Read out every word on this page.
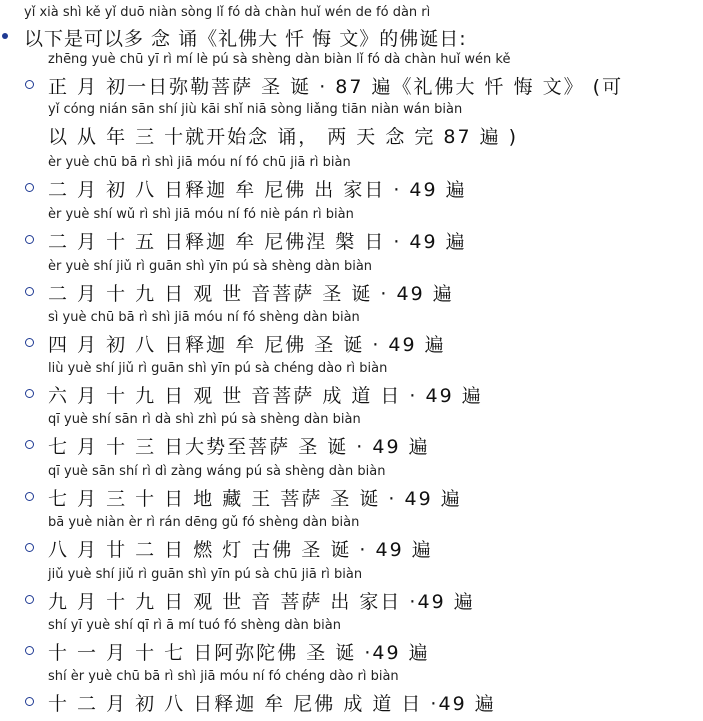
yǐ xià shì kě yǐ duō niàn sòng lǐ fó dà chàn huǐ wén de fó dàn rì
以下是可以多 念 诵《礼佛大 忏 悔 文》的佛诞日:
zhēng yuè chū yī rì mí lè pú sà shèng dàn biàn lǐ fó dà chàn huǐ wén kě
正 月 初一日弥勒菩萨 圣 诞 · 87 遍《礼佛大 忏 悔 文》 (可
yǐ cóng nián sān shí jiù kāi shǐ niā sòng liǎng tiān niàn wán biàn
以 从 年 三 十就开始念 诵， 两 天 念 完 87 遍 )
èr yuè chū bā rì shì jiā móu ní fó chū jiā rì biàn
二 月 初 八 日释迦 牟 尼佛 出 家日 · 49 遍
èr yuè shí wǔ rì shì jiā móu ní fó niè pán rì biàn
二 月 十 五 日释迦 牟 尼佛涅 槃 日 · 49 遍
èr yuè shí jiǔ rì guān shì yīn pú sà shèng dàn biàn
二 月 十 九 日 观 世 音菩萨 圣 诞 · 49 遍
sì yuè chū bā rì shì jiā móu ní fó shèng dàn biàn
四 月 初 八 日释迦 牟 尼佛 圣 诞 · 49 遍
liù yuè shí jiǔ rì guān shì yīn pú sà chéng dào rì biàn
六 月 十 九 日 观 世 音菩萨 成 道 日 · 49 遍
qī yuè shí sān rì dà shì zhì pú sà shèng dàn biàn
七 月 十 三 日大势至菩萨 圣 诞 · 49 遍
qī yuè sān shí rì dì zàng wáng pú sà shèng dàn biàn
七 月 三 十 日 地 藏 王 菩萨 圣 诞 · 49 遍
bā yuè niàn èr rì rán dēng gǔ fó shèng dàn biàn
八 月 廿 二 日 燃 灯 古佛 圣 诞 · 49 遍
jiǔ yuè shí jiǔ rì guān shì yīn pú sà chū jiā rì biàn
九 月 十 九 日 观 世 音 菩萨 出 家日 ·49 遍
shí yī yuè shí qī rì ā mí tuó fó shèng dàn biàn
十 一 月 十 七 日阿弥陀佛 圣 诞 ·49 遍
shí èr yuè chū bā rì shì jiā móu ní fó chéng dào rì biàn
十 二 月 初 八 日释迦 牟 尼佛 成 道 日 ·49 遍
